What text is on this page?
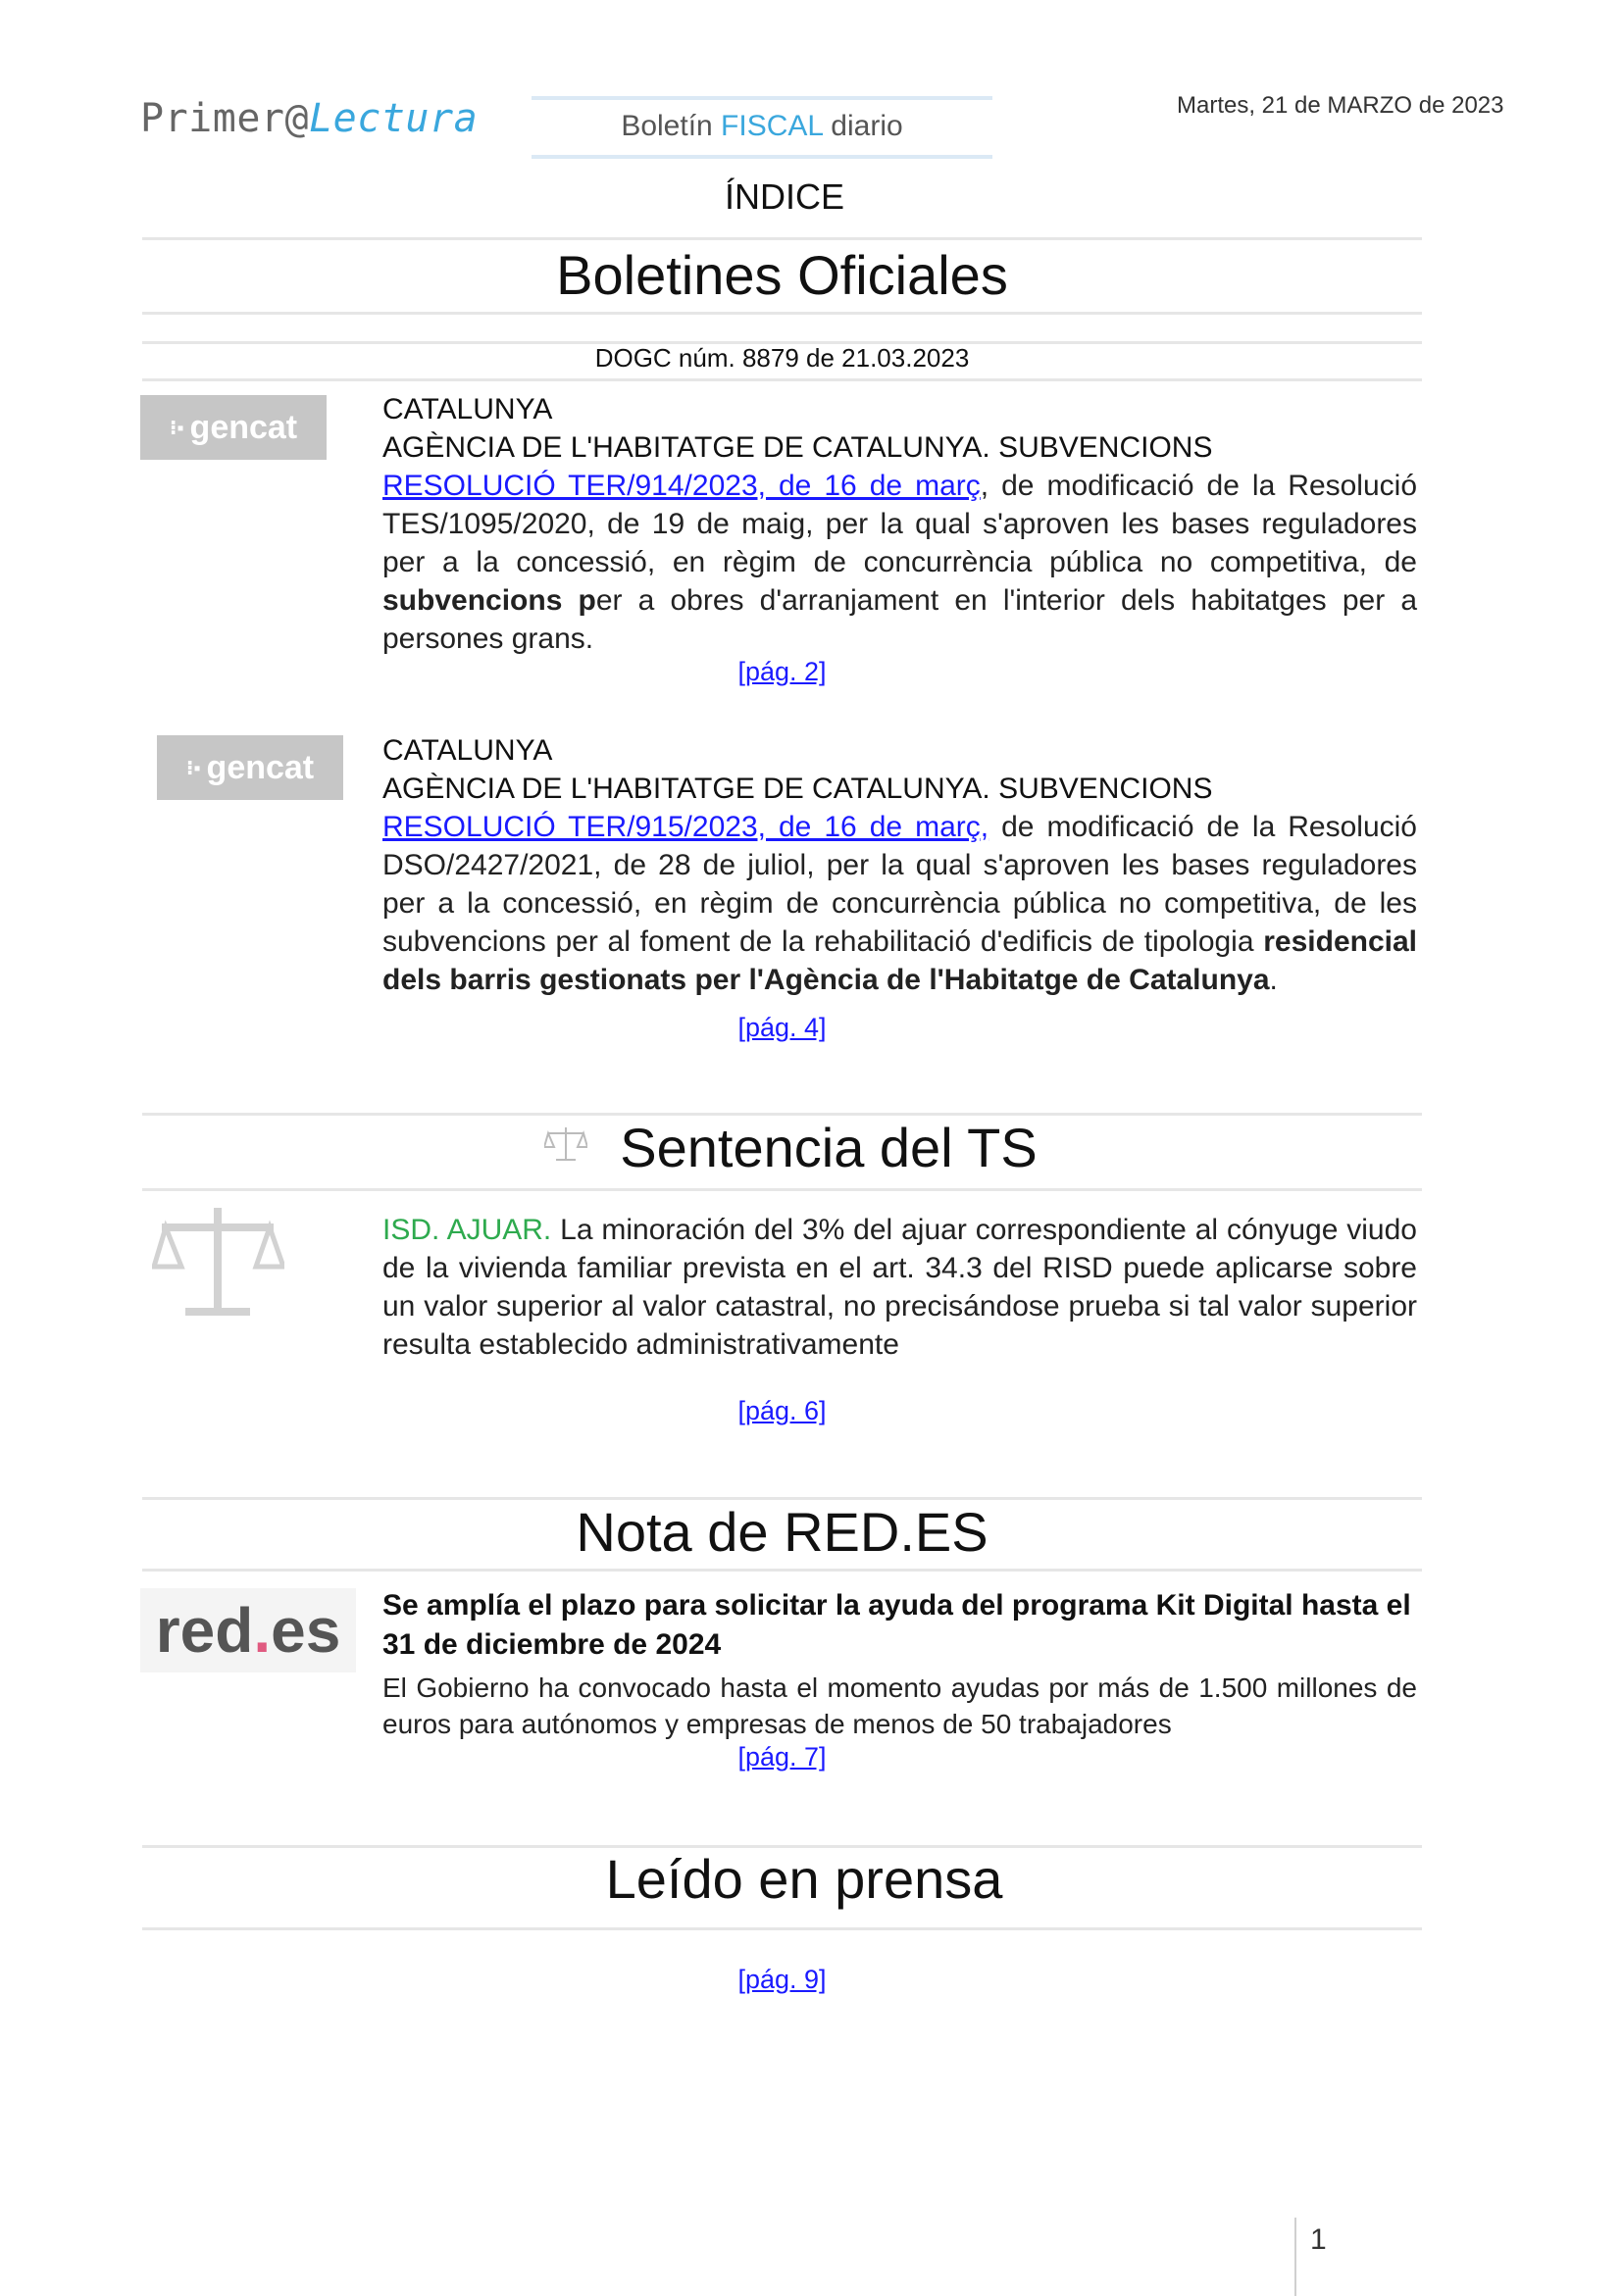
Primer@Lectura	Boletín FISCAL diario
Martes, 21 de MARZO de 2023
ÍNDICE
Boletines Oficiales
DOGC núm. 8879 de 21.03.2023
⁝▪ gencat	CATALUNYA
AGÈNCIA DE L'HABITATGE DE CATALUNYA. SUBVENCIONS
RESOLUCIÓ TER/914/2023, de 16 de març, de modificació de la Resolució TES/1095/2020, de 19 de maig, per la qual s'aproven les bases reguladores per a la concessió, en règim de concurrència pública no competitiva, de subvencions per a obres d'arranjament en l'interior dels habitatges per a persones grans.
[pág. 2]
⁝▪ gencat CATALUNYA
AGÈNCIA DE L'HABITATGE DE CATALUNYA. SUBVENCIONS
RESOLUCIÓ TER/915/2023, de 16 de març, de modificació de la Resolució DSO/2427/2021, de 28 de juliol, per la qual s'aproven les bases reguladores per a la concessió, en règim de concurrència pública no competitiva, de les subvencions per al foment de la rehabilitació d'edificis de tipologia residencial dels barris gestionats per l'Agència de l'Habitatge de Catalunya.
[pág. 4]
Sentencia del TS
ISD. AJUAR. La minoración del 3% del ajuar correspondiente al cónyuge viudo de la vivienda familiar prevista en el art. 34.3 del RISD puede aplicarse sobre un valor superior al valor catastral, no precisándose prueba si tal valor superior resulta establecido administrativamente
[pág. 6]
Nota de RED.ES
red . es Se amplía el plazo para solicitar la ayuda del programa Kit Digital hasta el 31 de diciembre de 2024
El Gobierno ha convocado hasta el momento ayudas por más de 1.500 millones de euros para autónomos y empresas de menos de 50 trabajadores
[pág. 7]
Leído en prensa
[pág. 9]
1
